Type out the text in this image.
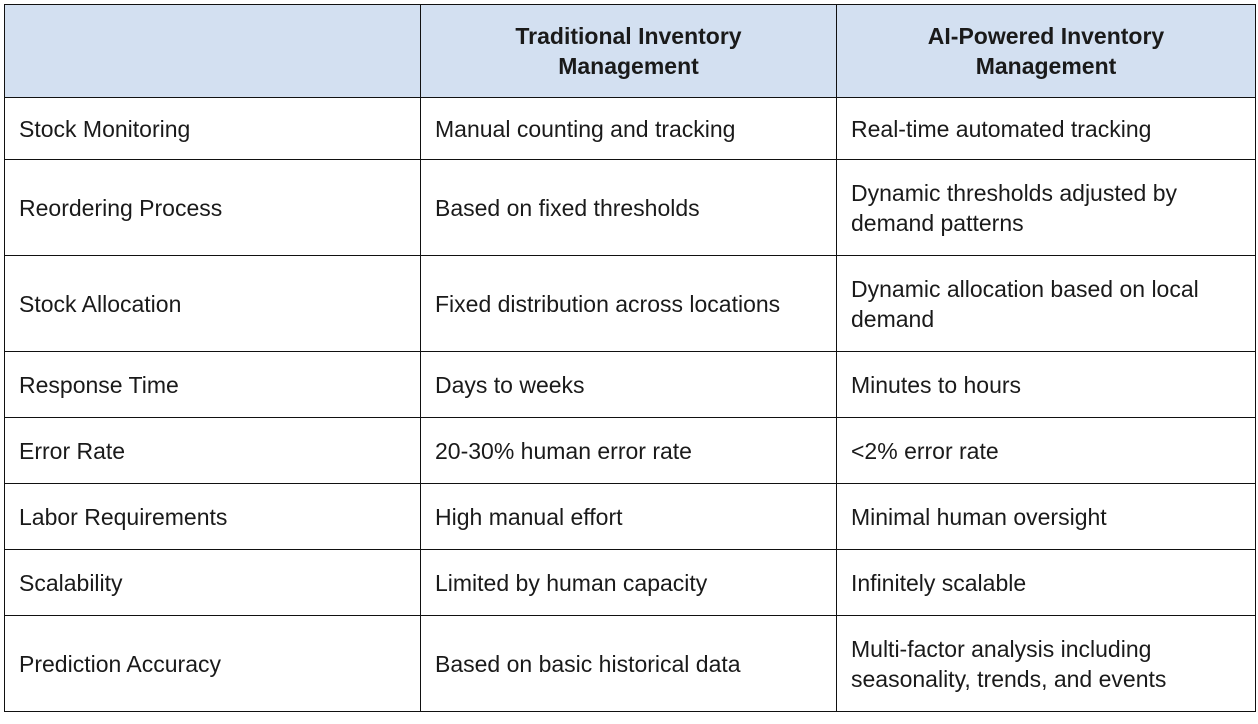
	Traditional Inventory Management	AI-Powered Inventory Management
Stock Monitoring	Manual counting and tracking	Real-time automated tracking
Reordering Process	Based on fixed thresholds	Dynamic thresholds adjusted by demand patterns
Stock Allocation	Fixed distribution across locations	Dynamic allocation based on local demand
Response Time	Days to weeks	Minutes to hours
Error Rate	20-30% human error rate	<2% error rate
Labor Requirements	High manual effort	Minimal human oversight
Scalability	Limited by human capacity	Infinitely scalable
Prediction Accuracy	Based on basic historical data	Multi-factor analysis including seasonality, trends, and events
